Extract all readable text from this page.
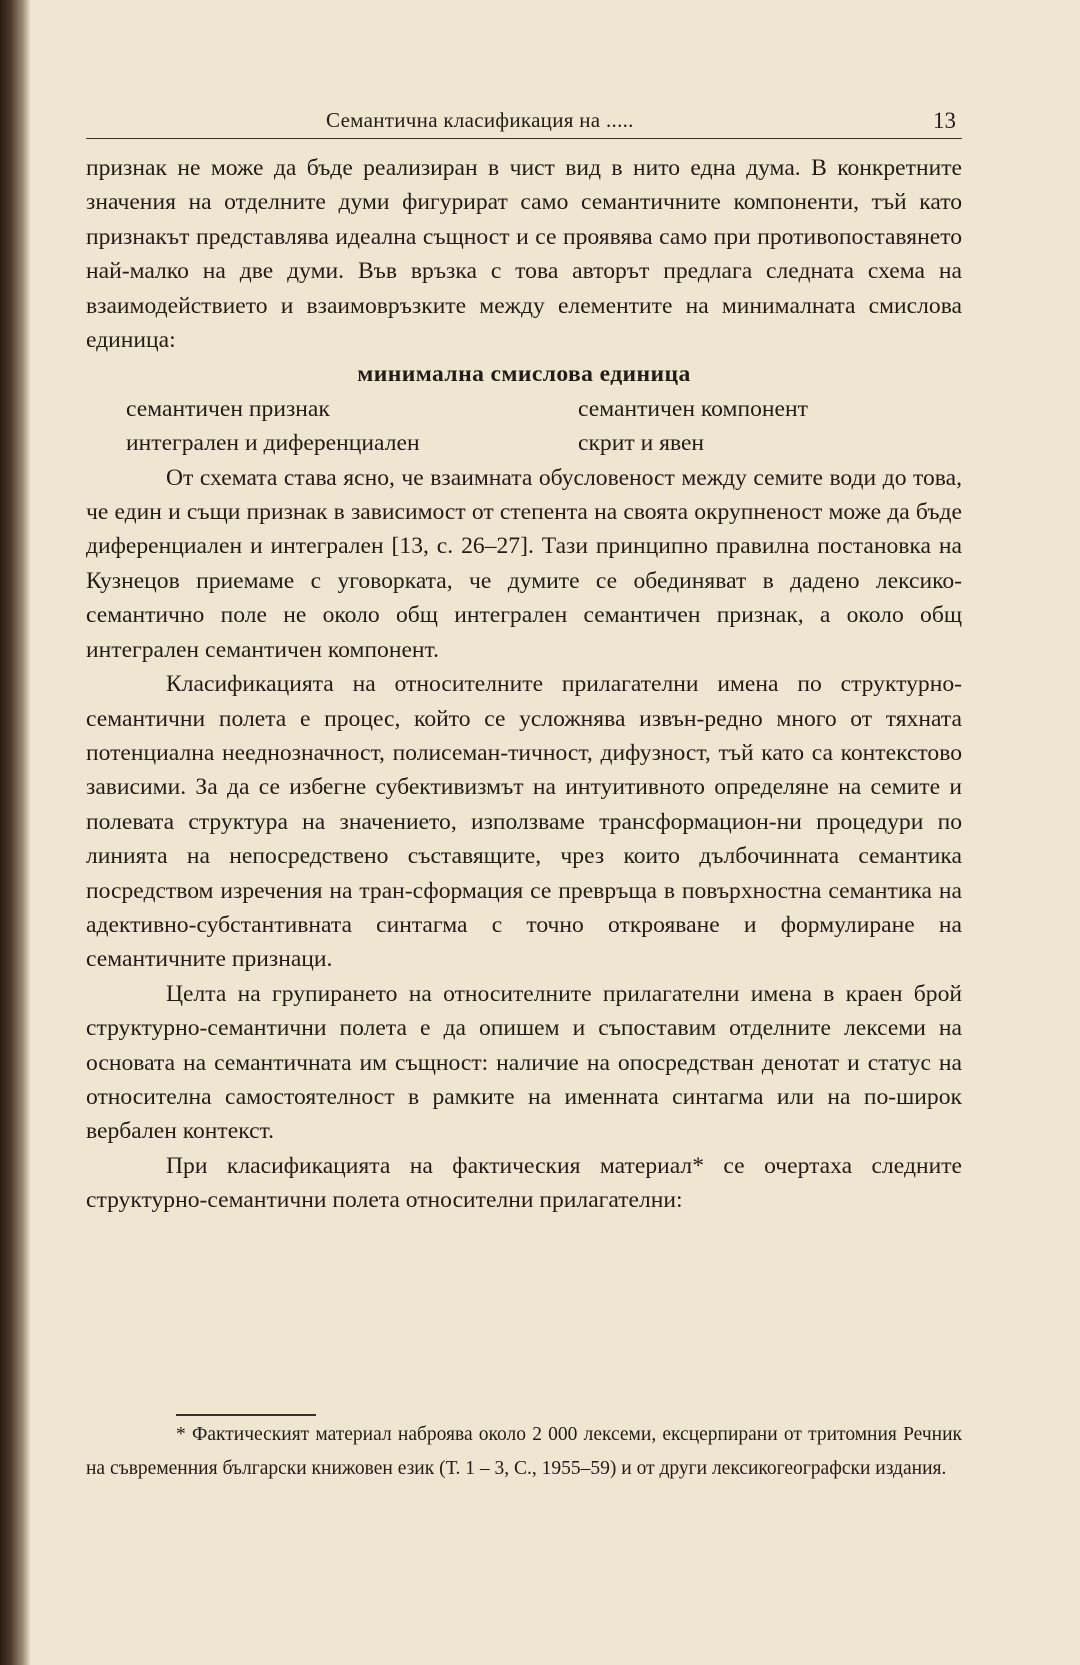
Семантична класификация на .....	13

признак не може да бъде реализиран в чист вид в нито една дума. В конкретните значения на отделните думи фигурират само семантичните компоненти, тъй като признакът представлява идеална същност и се проявява само при противопоставянето най-малко на две думи. Във връзка с това авторът предлага следната схема на взаимодействието и взаимовръзките между елементите на минималната смислова единица:

минимална смислова единица

семантичен признак	семантичен компонент
интегрален и диференциален	скрит и явен

От схемата става ясно, че взаимната обусловеност между семите води до това, че един и същи признак в зависимост от степента на своята окрупненост може да бъде диференциален и интегрален [13, с. 26–27]. Тази принципно правилна постановка на Кузнецов приемаме с уговорката, че думите се обединяват в дадено лексико-семантично поле не около общ интегрален семантичен признак, а около общ интегрален семантичен компонент.

Класификацията на относителните прилагателни имена по структурно-семантични полета е процес, който се усложнява извън-редно много от тяхната потенциална нееднозначност, полисеман-тичност, дифузност, тъй като са контекстово зависими. За да се избегне субективизмът на интуитивното определяне на семите и полевата структура на значението, използваме трансформацион-ни процедури по линията на непосредствено съставящите, чрез които дълбочинната семантика посредством изречения на тран-сформация се превръща в повърхностна семантика на адективно-субстантивната синтагма с точно открояване и формулиране на семантичните признаци.

Целта на групирането на относителните прилагателни имена в краен брой структурно-семантични полета е да опишем и съпоставим отделните лексеми на основата на семантичната им същност: наличие на опосредстван денотат и статус на относителна самостоятелност в рамките на именната синтагма или на по-широк вербален контекст.

При класификацията на фактическия материал* се очертаха следните структурно-семантични полета относителни прилагателни:

* Фактическият материал наброява около 2 000 лексеми, ексцерпирани от тритомния Речник на съвременния български книжовен език (Т. 1 – 3, С., 1955–59) и от други лексикогеографски издания.
